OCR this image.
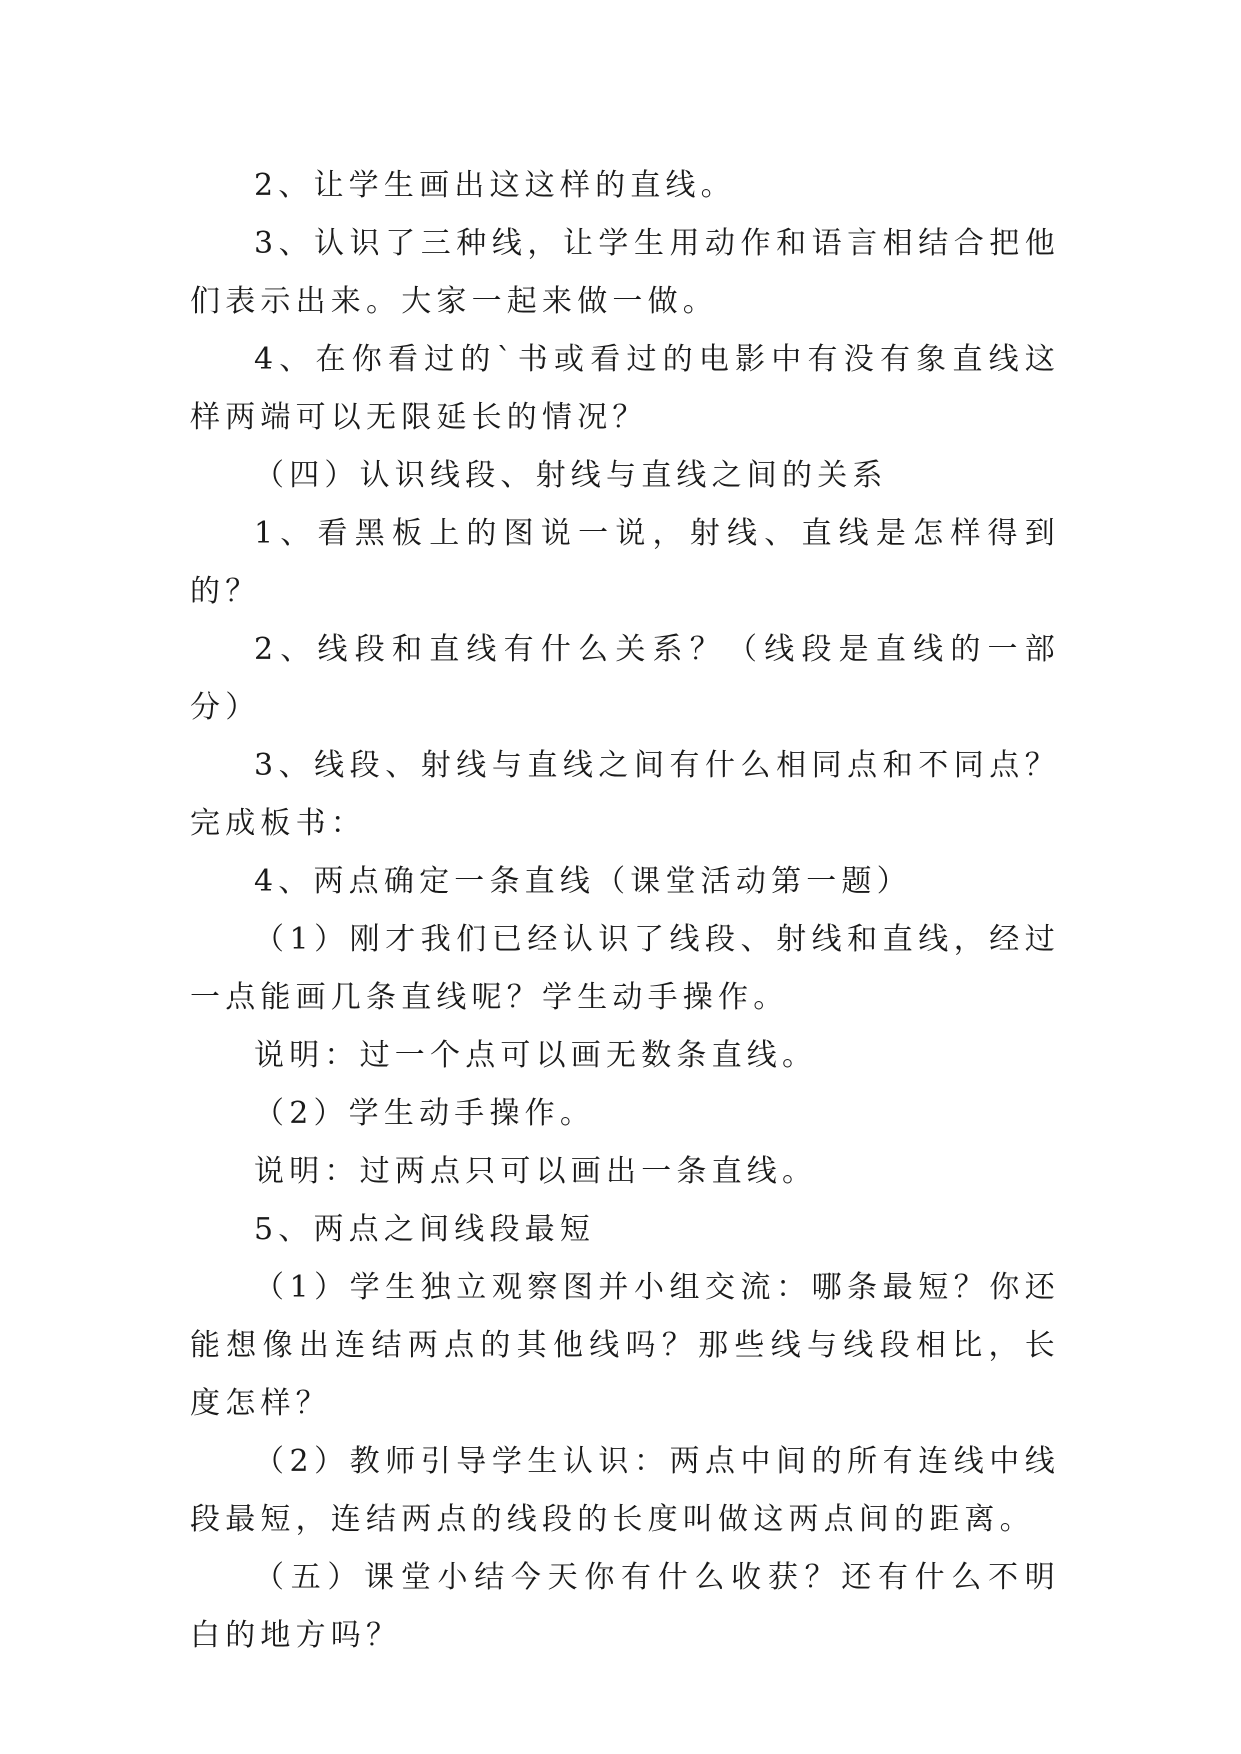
2、让学生画出这这样的直线。

3、认识了三种线，让学生用动作和语言相结合把他们表示出来。大家一起来做一做。

4、在你看过的`书或看过的电影中有没有象直线这样两端可以无限延长的情况？

（四）认识线段、射线与直线之间的关系

1、看黑板上的图说一说，射线、直线是怎样得到的？

2、线段和直线有什么关系？（线段是直线的一部分）

3、线段、射线与直线之间有什么相同点和不同点？完成板书：

4、两点确定一条直线（课堂活动第一题）

（1）刚才我们已经认识了线段、射线和直线，经过一点能画几条直线呢？学生动手操作。

说明：过一个点可以画无数条直线。

（2）学生动手操作。

说明：过两点只可以画出一条直线。

5、两点之间线段最短

（1）学生独立观察图并小组交流：哪条最短？你还能想像出连结两点的其他线吗？那些线与线段相比，长度怎样？

（2）教师引导学生认识：两点中间的所有连线中线段最短，连结两点的线段的长度叫做这两点间的距离。

（五）课堂小结今天你有什么收获？还有什么不明白的地方吗？
